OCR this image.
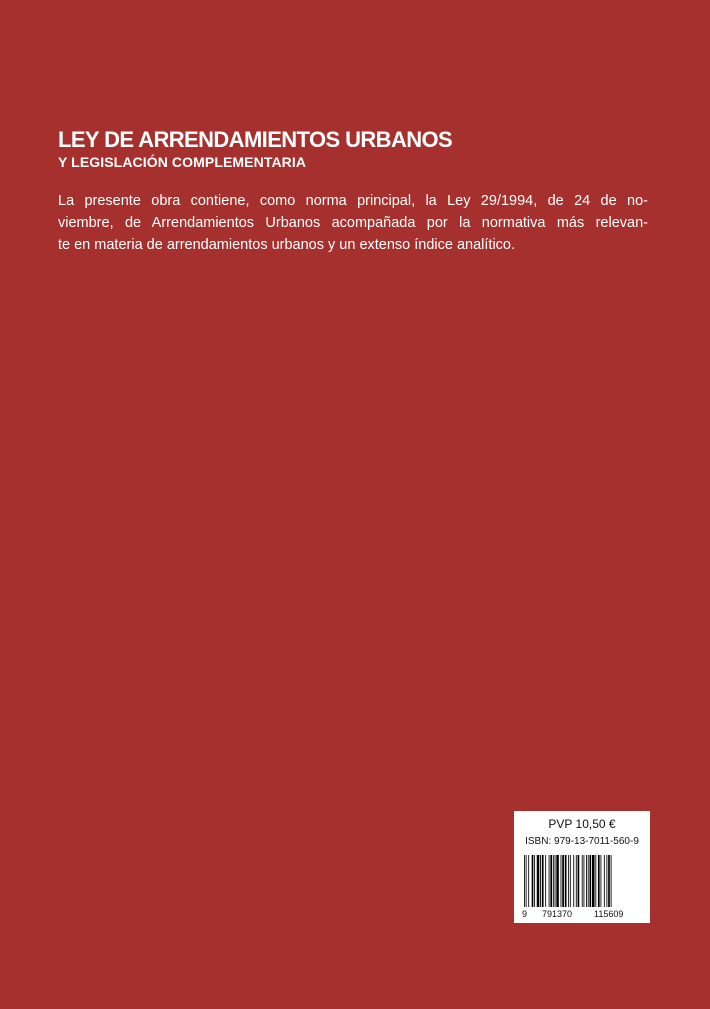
LEY DE ARRENDAMIENTOS URBANOS
Y LEGISLACIÓN COMPLEMENTARIA

La presente obra contiene, como norma principal, la Ley 29/1994, de 24 de no-
viembre, de Arrendamientos Urbanos acompañada por la normativa más relevan-
te en materia de arrendamientos urbanos y un extenso índice analítico.

PVP 10,50 €
ISBN: 979-13-7011-560-9
9 791370 115609
